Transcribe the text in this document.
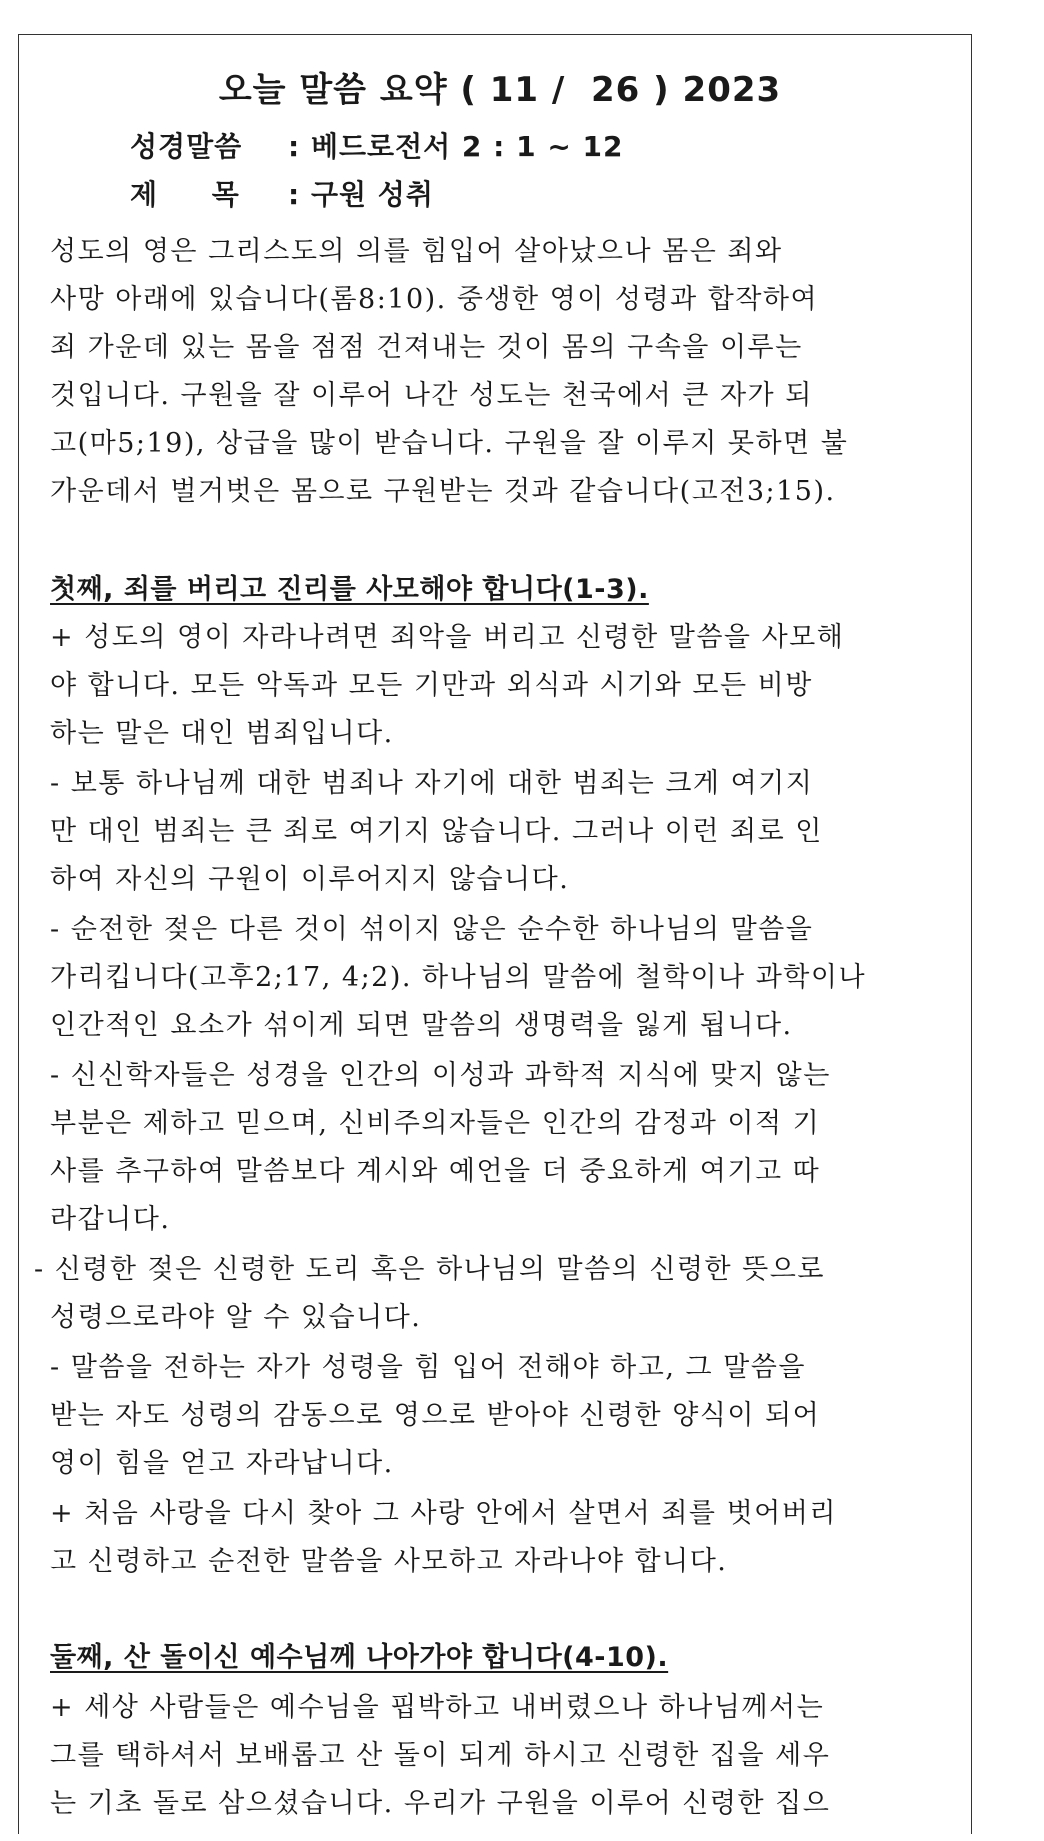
오늘 말씀 요약 ( 11 /  26 ) 2023
성경말씀 : 베드로전서 2 : 1 ~ 12
제     목 : 구원 성취
성도의 영은 그리스도의 의를 힘입어 살아났으나 몸은 죄와
사망 아래에 있습니다(롬8:10). 중생한 영이 성령과 합작하여
죄 가운데 있는 몸을 점점 건져내는 것이 몸의 구속을 이루는
것입니다. 구원을 잘 이루어 나간 성도는 천국에서 큰 자가 되
고(마5;19), 상급을 많이 받습니다. 구원을 잘 이루지 못하면 불
가운데서 벌거벗은 몸으로 구원받는 것과 같습니다(고전3;15).
첫째, 죄를 버리고 진리를 사모해야 합니다(1-3).
+ 성도의 영이 자라나려면 죄악을 버리고 신령한 말씀을 사모해
야 합니다. 모든 악독과 모든 기만과 외식과 시기와 모든 비방
하는 말은 대인 범죄입니다.
- 보통 하나님께 대한 범죄나 자기에 대한 범죄는 크게 여기지
만 대인 범죄는 큰 죄로 여기지 않습니다. 그러나 이런 죄로 인
하여 자신의 구원이 이루어지지 않습니다.
- 순전한 젖은 다른 것이 섞이지 않은 순수한 하나님의 말씀을
가리킵니다(고후2;17, 4;2). 하나님의 말씀에 철학이나 과학이나
인간적인 요소가 섞이게 되면 말씀의 생명력을 잃게 됩니다.
- 신신학자들은 성경을 인간의 이성과 과학적 지식에 맞지 않는
부분은 제하고 믿으며, 신비주의자들은 인간의 감정과 이적 기
사를 추구하여 말씀보다 계시와 예언을 더 중요하게 여기고 따
라갑니다.
- 신령한 젖은 신령한 도리 혹은 하나님의 말씀의 신령한 뜻으로
성령으로라야 알 수 있습니다.
- 말씀을 전하는 자가 성령을 힘 입어 전해야 하고, 그 말씀을
받는 자도 성령의 감동으로 영으로 받아야 신령한 양식이 되어
영이 힘을 얻고 자라납니다.
+ 처음 사랑을 다시 찾아 그 사랑 안에서 살면서 죄를 벗어버리
고 신령하고 순전한 말씀을 사모하고 자라나야 합니다.
둘째, 산 돌이신 예수님께 나아가야 합니다(4-10).
+ 세상 사람들은 예수님을 핍박하고 내버렸으나 하나님께서는
그를 택하셔서 보배롭고 산 돌이 되게 하시고 신령한 집을 세우
는 기초 돌로 삼으셨습니다. 우리가 구원을 이루어 신령한 집으
